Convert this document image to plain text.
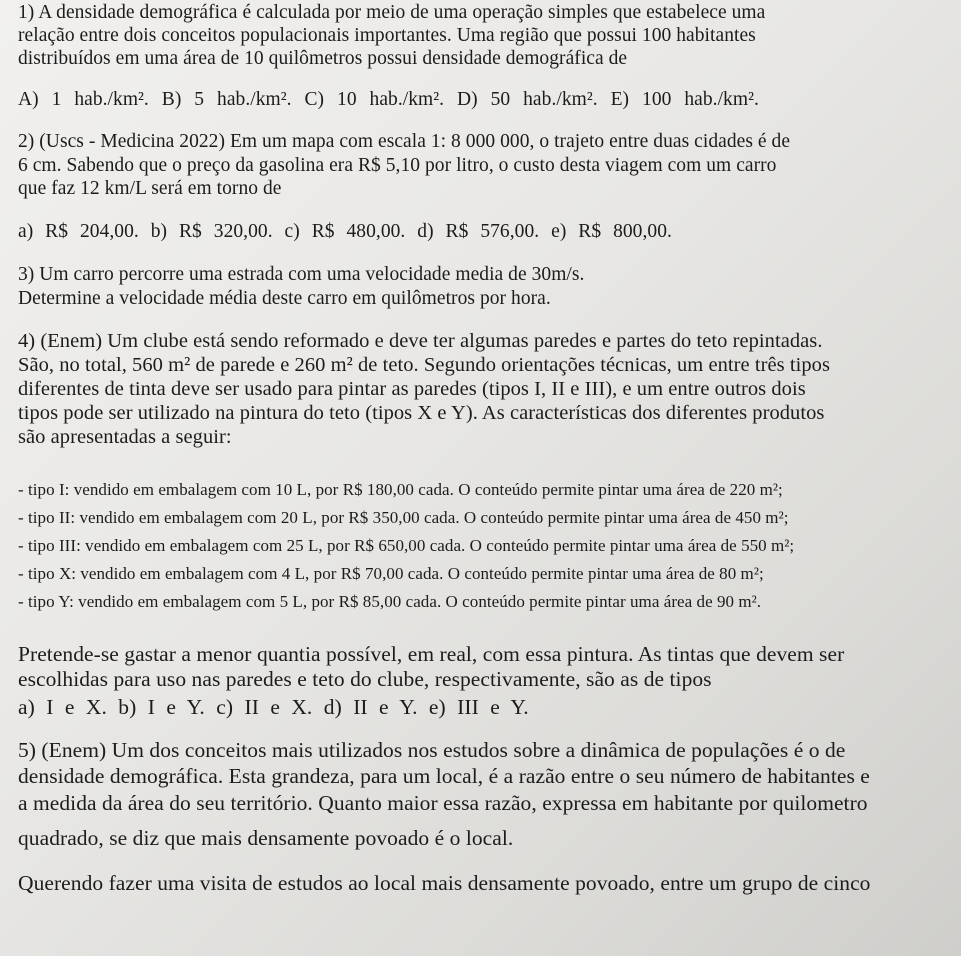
1) A densidade demográfica é calculada por meio de uma operação simples que estabelece uma
relação entre dois conceitos populacionais importantes. Uma região que possui 100 habitantes
distribuídos em uma área de 10 quilômetros possui densidade demográfica de
A) 1 hab./km². B) 5 hab./km². C) 10 hab./km². D) 50 hab./km². E) 100 hab./km².
2) (Uscs - Medicina 2022) Em um mapa com escala 1: 8 000 000, o trajeto entre duas cidades é de
6 cm. Sabendo que o preço da gasolina era R$ 5,10 por litro, o custo desta viagem com um carro
que faz 12 km/L será em torno de
a) R$ 204,00. b) R$ 320,00. c) R$ 480,00. d) R$ 576,00. e) R$ 800,00.
3) Um carro percorre uma estrada com uma velocidade media de 30m/s.
Determine a velocidade média deste carro em quilômetros por hora.
4) (Enem) Um clube está sendo reformado e deve ter algumas paredes e partes do teto repintadas.
São, no total, 560 m² de parede e 260 m² de teto. Segundo orientações técnicas, um entre três tipos
diferentes de tinta deve ser usado para pintar as paredes (tipos I, II e III), e um entre outros dois
tipos pode ser utilizado na pintura do teto (tipos X e Y). As características dos diferentes produtos
são apresentadas a seguir:
- tipo I: vendido em embalagem com 10 L, por R$ 180,00 cada. O conteúdo permite pintar uma área de 220 m²;
- tipo II: vendido em embalagem com 20 L, por R$ 350,00 cada. O conteúdo permite pintar uma área de 450 m²;
- tipo III: vendido em embalagem com 25 L, por R$ 650,00 cada. O conteúdo permite pintar uma área de 550 m²;
- tipo X: vendido em embalagem com 4 L, por R$ 70,00 cada. O conteúdo permite pintar uma área de 80 m²;
- tipo Y: vendido em embalagem com 5 L, por R$ 85,00 cada. O conteúdo permite pintar uma área de 90 m².
Pretende-se gastar a menor quantia possível, em real, com essa pintura. As tintas que devem ser
escolhidas para uso nas paredes e teto do clube, respectivamente, são as de tipos
a) I e X. b) I e Y. c) II e X. d) II e Y. e) III e Y.
5) (Enem) Um dos conceitos mais utilizados nos estudos sobre a dinâmica de populações é o de
densidade demográfica. Esta grandeza, para um local, é a razão entre o seu número de habitantes e
a medida da área do seu território. Quanto maior essa razão, expressa em habitante por quilometro
quadrado, se diz que mais densamente povoado é o local.
Querendo fazer uma visita de estudos ao local mais densamente povoado, entre um grupo de cinco
